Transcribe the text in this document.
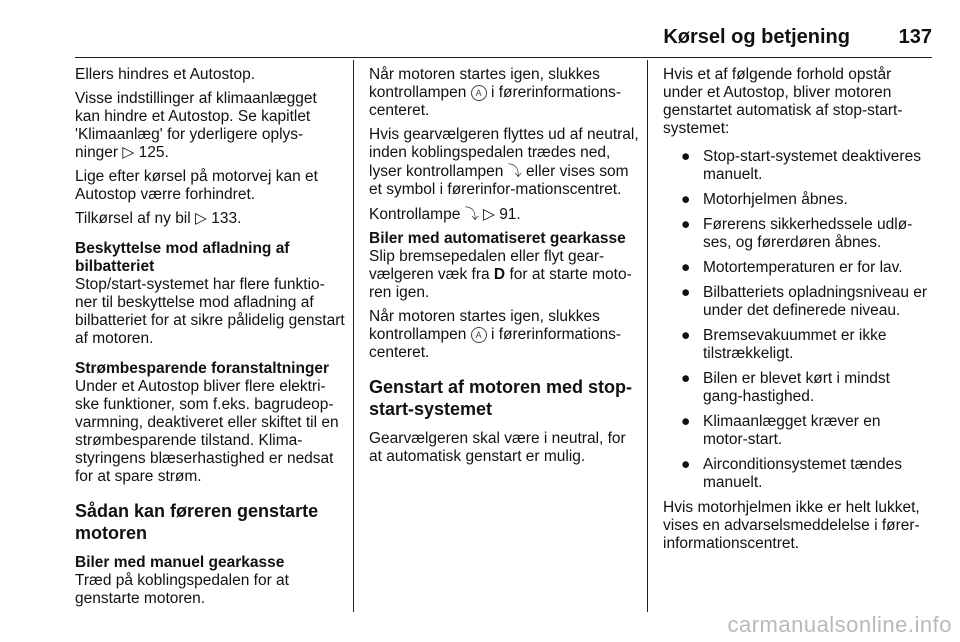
Kørsel og betjening 137

Ellers hindres et Autostop.

Visse indstillinger af klimaanlægget kan hindre et Autostop. Se kapitlet 'Klimaanlæg' for yderligere oplys-ninger ▷ 125.

Lige efter kørsel på motorvej kan et Autostop værre forhindret.

Tilkørsel af ny bil ▷ 133.

Beskyttelse mod afladning af bilbatteriet

Stop/start-systemet har flere funktio-ner til beskyttelse mod afladning af bilbatteriet for at sikre pålidelig genstart af motoren.

Strømbesparende foranstaltninger

Under et Autostop bliver flere elektri-ske funktioner, som f.eks. bagrudeop-varmning, deaktiveret eller skiftet til en strømbesparende tilstand. Klima-styringens blæserhastighed er nedsat for at spare strøm.

Sådan kan føreren genstarte motoren
Biler med manuel gearkasse

Træd på koblingspedalen for at genstarte motoren.

Når motoren startes igen, slukkes kontrollampen A i førerinformations-centeret.

Hvis gearvælgeren flyttes ud af neutral, inden koblingspedalen trædes ned, lyser kontrollampen ⤵ eller vises som et symbol i førerinfor-mationscentret.

Kontrollampe ⤵ ▷ 91.

Biler med automatiseret gearkasse

Slip bremsepedalen eller flyt gear-vælgeren væk fra D for at starte moto-ren igen.

Når motoren startes igen, slukkes kontrollampen A i førerinformations-centeret.

Genstart af motoren med stop-start-systemet

Gearvælgeren skal være i neutral, for at automatisk genstart er mulig.

Hvis et af følgende forhold opstår under et Autostop, bliver motoren genstartet automatisk af stop-start-systemet:

● Stop-start-systemet deaktiveres manuelt.
● Motorhjelmen åbnes.
● Førerens sikkerhedssele udlø-ses, og førerdøren åbnes.
● Motortemperaturen er for lav.
● Bilbatteriets opladningsniveau er under det definerede niveau.
● Bremsevakuummet er ikke tilstrækkeligt.
● Bilen er blevet kørt i mindst gang-hastighed.
● Klimaanlægget kræver en motor-start.
● Airconditionsystemet tændes manuelt.

Hvis motorhjelmen ikke er helt lukket, vises en advarselsmeddelelse i fører-informationscentret.

carmanualsonline.info
